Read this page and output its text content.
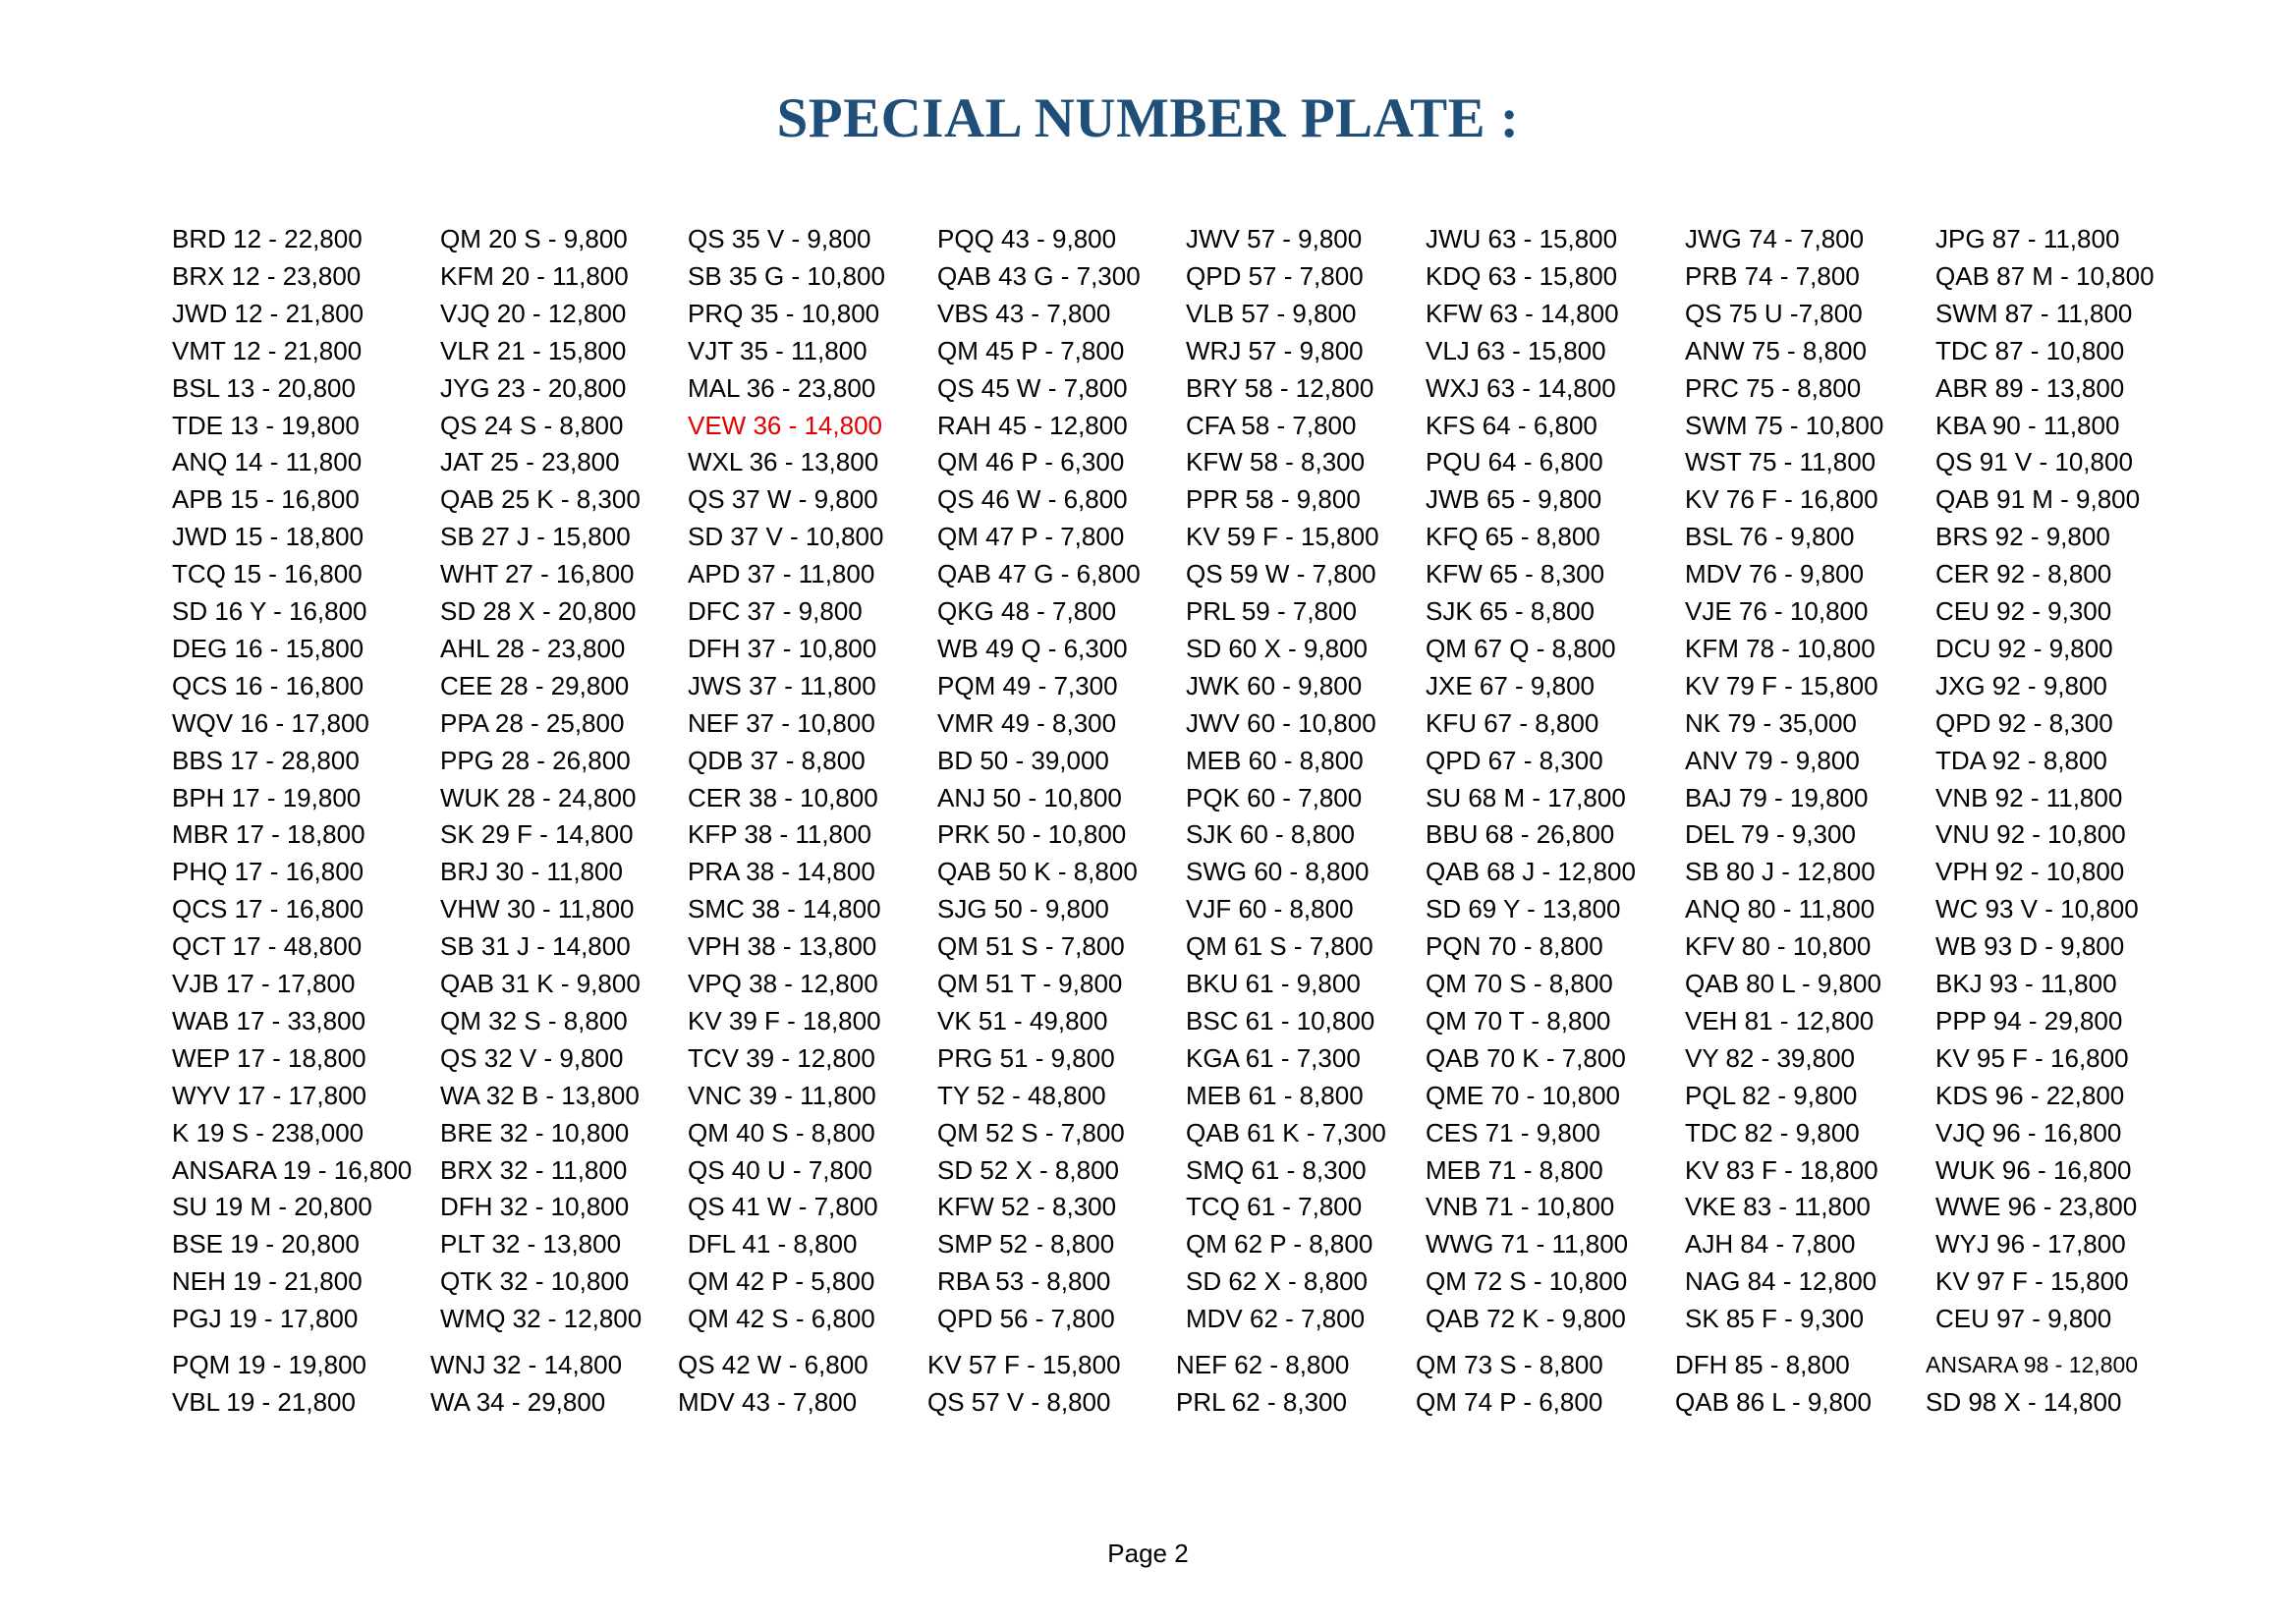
SPECIAL NUMBER PLATE :
BRD 12 - 22,800
BRX 12 - 23,800
JWD 12 - 21,800
VMT 12 - 21,800
BSL 13 - 20,800
TDE 13 - 19,800
ANQ 14 - 11,800
APB 15 - 16,800
JWD 15 - 18,800
TCQ 15 - 16,800
SD 16 Y - 16,800
DEG 16 - 15,800
QCS 16 - 16,800
WQV 16 - 17,800
BBS 17 - 28,800
BPH 17 - 19,800
MBR 17 - 18,800
PHQ 17 - 16,800
QCS 17 - 16,800
QCT 17 - 48,800
VJB 17 - 17,800
WAB 17 - 33,800
WEP 17 - 18,800
WYV 17 - 17,800
K 19 S - 238,000
ANSARA 19 - 16,800
SU 19 M - 20,800
BSE 19 - 20,800
NEH 19 - 21,800
PGJ 19 - 17,800
PQM 19 - 19,800
VBL 19 - 21,800
QM 20 S - 9,800
KFM 20 - 11,800
VJQ 20 - 12,800
VLR 21 - 15,800
JYG 23 - 20,800
QS 24 S - 8,800
JAT 25 - 23,800
QAB 25 K - 8,300
SB 27 J - 15,800
WHT 27 - 16,800
SD 28 X - 20,800
AHL 28 - 23,800
CEE 28 - 29,800
PPA 28 - 25,800
PPG 28 - 26,800
WUK 28 - 24,800
SK 29 F - 14,800
BRJ 30 - 11,800
VHW 30 - 11,800
SB 31 J - 14,800
QAB 31 K - 9,800
QM 32 S - 8,800
QS 32 V - 9,800
WA 32 B - 13,800
BRE 32 - 10,800
BRX 32 - 11,800
DFH 32 - 10,800
PLT 32 - 13,800
QTK 32 - 10,800
WMQ 32 - 12,800
WNJ 32 - 14,800
WA 34 - 29,800
QS 35 V - 9,800
SB 35 G - 10,800
PRQ 35 - 10,800
VJT 35 - 11,800
MAL 36 - 23,800
VEW 36 - 14,800
WXL 36 - 13,800
QS 37 W - 9,800
SD 37 V - 10,800
APD 37 - 11,800
DFC 37 - 9,800
DFH 37 - 10,800
JWS 37 - 11,800
NEF 37 - 10,800
QDB 37 - 8,800
CER 38 - 10,800
KFP 38 - 11,800
PRA 38 - 14,800
SMC 38 - 14,800
VPH 38 - 13,800
VPQ 38 - 12,800
KV 39 F - 18,800
TCV 39 - 12,800
VNC 39 - 11,800
QM 40 S - 8,800
QS 40 U - 7,800
QS 41 W - 7,800
DFL 41 - 8,800
QM 42 P - 5,800
QM 42 S - 6,800
QS 42 W - 6,800
MDV 43 - 7,800
PQQ 43 - 9,800
QAB 43 G - 7,300
VBS 43 - 7,800
QM 45 P - 7,800
QS 45 W - 7,800
RAH 45 - 12,800
QM 46 P - 6,300
QS 46 W - 6,800
QM 47 P - 7,800
QAB 47 G - 6,800
QKG 48 - 7,800
WB 49 Q - 6,300
PQM 49 - 7,300
VMR 49 - 8,300
BD 50 - 39,000
ANJ 50 - 10,800
PRK 50 - 10,800
QAB 50 K - 8,800
SJG 50 - 9,800
QM 51 S - 7,800
QM 51 T - 9,800
VK 51 - 49,800
PRG 51 - 9,800
TY 52 - 48,800
QM 52 S - 7,800
SD 52 X - 8,800
KFW 52 - 8,300
SMP 52 - 8,800
RBA 53 - 8,800
QPD 56 - 7,800
KV 57 F - 15,800
QS 57 V - 8,800
JWV 57 - 9,800
QPD 57 - 7,800
VLB 57 - 9,800
WRJ 57 - 9,800
BRY 58 - 12,800
CFA 58 - 7,800
KFW 58 - 8,300
PPR 58 - 9,800
KV 59 F - 15,800
QS 59 W - 7,800
PRL 59 - 7,800
SD 60 X - 9,800
JWK 60 - 9,800
JWV 60 - 10,800
MEB 60 - 8,800
PQK 60 - 7,800
SJK 60 - 8,800
SWG 60 - 8,800
VJF 60 - 8,800
QM 61 S - 7,800
BKU 61 - 9,800
BSC 61 - 10,800
KGA 61 - 7,300
MEB 61 - 8,800
QAB 61 K - 7,300
SMQ 61 - 8,300
TCQ 61 - 7,800
QM 62 P - 8,800
SD 62 X - 8,800
MDV 62 - 7,800
NEF 62 - 8,800
PRL 62 - 8,300
JWU 63 - 15,800
KDQ 63 - 15,800
KFW 63 - 14,800
VLJ 63 - 15,800
WXJ 63 - 14,800
KFS 64 - 6,800
PQU 64 - 6,800
JWB 65 - 9,800
KFQ 65 - 8,800
KFW 65 - 8,300
SJK 65 - 8,800
QM 67 Q - 8,800
JXE 67 - 9,800
KFU 67 - 8,800
QPD 67 - 8,300
SU 68 M - 17,800
BBU 68 - 26,800
QAB 68 J - 12,800
SD 69 Y - 13,800
PQN 70 - 8,800
QM 70 S - 8,800
QM 70 T - 8,800
QAB 70 K - 7,800
QME 70 - 10,800
CES 71 - 9,800
MEB 71 - 8,800
VNB 71 - 10,800
WWG 71 - 11,800
QM 72 S - 10,800
QAB 72 K - 9,800
QM 73 S - 8,800
QM 74 P - 6,800
JWG 74 - 7,800
PRB 74 - 7,800
QS 75 U -7,800
ANW 75 - 8,800
PRC 75 - 8,800
SWM 75 - 10,800
WST 75 - 11,800
KV 76 F - 16,800
BSL 76 - 9,800
MDV 76 - 9,800
VJE 76 - 10,800
KFM 78 - 10,800
KV 79 F - 15,800
NK 79 - 35,000
ANV 79 - 9,800
BAJ 79 - 19,800
DEL 79 - 9,300
SB 80 J - 12,800
ANQ 80 - 11,800
KFV 80 - 10,800
QAB 80 L - 9,800
VEH 81 - 12,800
VY 82 - 39,800
PQL 82 - 9,800
TDC 82 - 9,800
KV 83 F - 18,800
VKE 83 - 11,800
AJH 84 - 7,800
NAG 84 - 12,800
SK 85 F - 9,300
DFH 85 - 8,800
QAB 86 L - 9,800
JPG 87 - 11,800
QAB 87 M - 10,800
SWM 87 - 11,800
TDC 87 - 10,800
ABR 89 - 13,800
KBA 90 - 11,800
QS 91 V - 10,800
QAB 91 M - 9,800
BRS 92 - 9,800
CER 92 - 8,800
CEU 92 - 9,300
DCU 92 - 9,800
JXG 92 - 9,800
QPD 92 - 8,300
TDA 92 - 8,800
VNB 92 - 11,800
VNU 92 - 10,800
VPH 92 - 10,800
WC 93 V - 10,800
WB 93 D - 9,800
BKJ 93 - 11,800
PPP 94 - 29,800
KV 95 F - 16,800
KDS 96 - 22,800
VJQ 96 - 16,800
WUK 96 - 16,800
WWE 96 - 23,800
WYJ 96 - 17,800
KV 97 F - 15,800
CEU 97 - 9,800
ANSARA 98 - 12,800
SD 98 X - 14,800
Page 2
